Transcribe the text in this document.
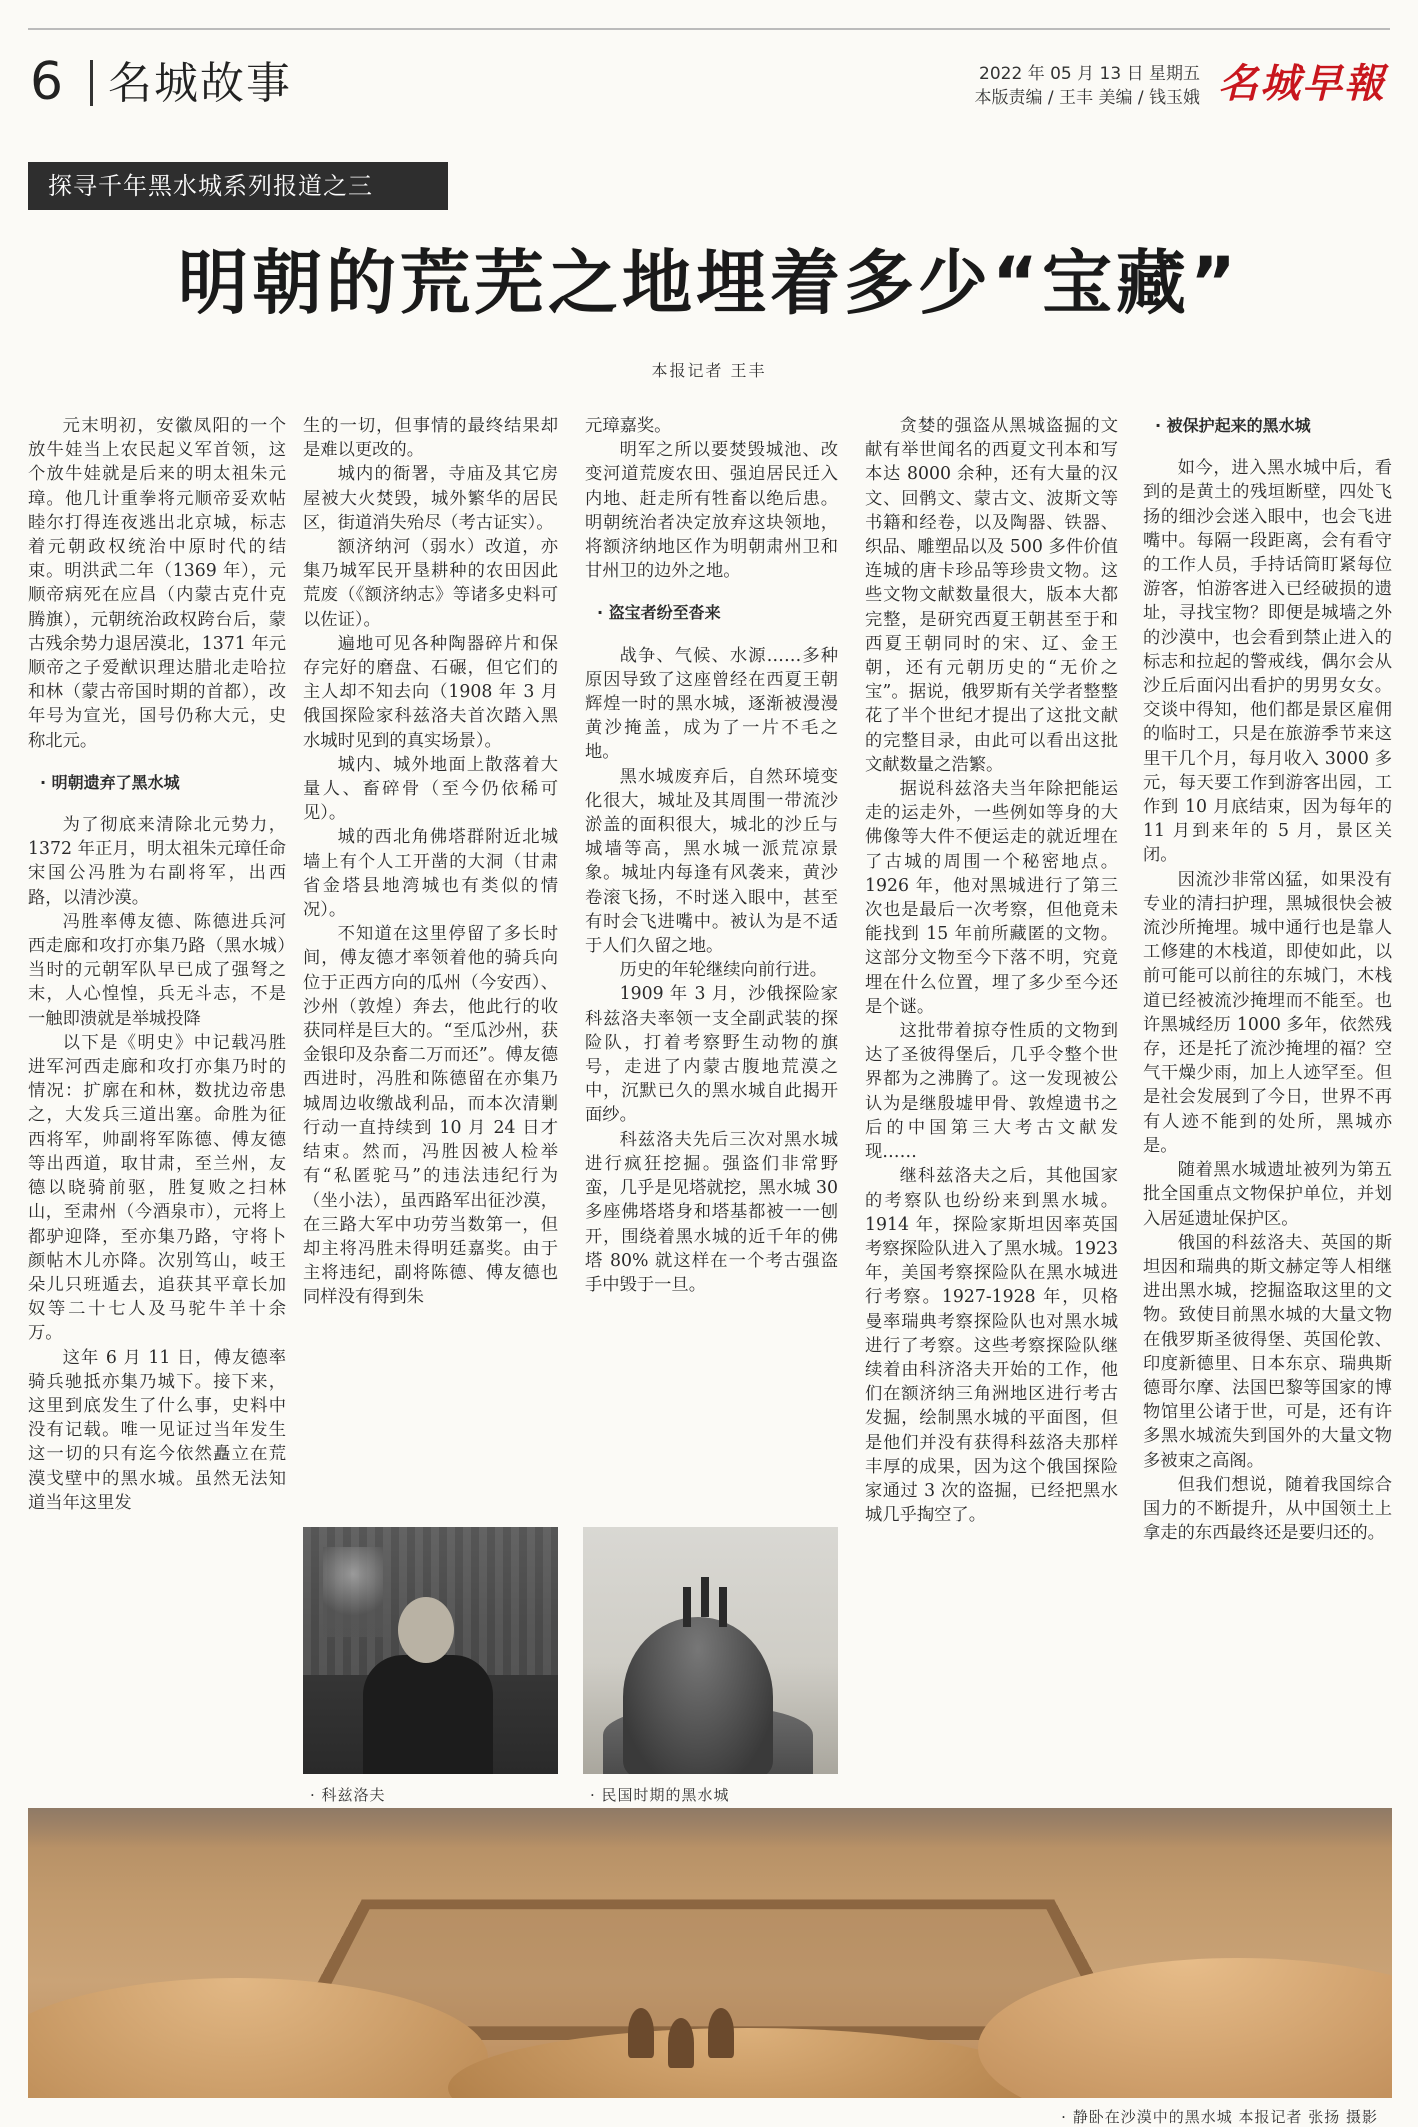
6 名城故事	2022 年 05 月 13 日 星期五
本版责编 / 王丰 美编 / 钱玉娥 名城早報
探寻千年黑水城系列报道之三
明朝的荒芜之地埋着多少“宝藏”
本报记者 王丰

元末明初，安徽凤阳的一个放牛娃当上农民起义军首领，这个放牛娃就是后来的明太祖朱元璋。他几计重拳将元顺帝妥欢帖睦尔打得连夜逃出北京城，标志着元朝政权统治中原时代的结束。明洪武二年（1369 年），元顺帝病死在应昌（内蒙古克什克腾旗），元朝统治政权跨台后，蒙古残余势力退居漠北，1371 年元顺帝之子爱猷识理达腊北走哈拉和林（蒙古帝国时期的首都），改年号为宣光，国号仍称大元，史称北元。

· 明朝遗弃了黑水城

为了彻底来清除北元势力，1372 年正月，明太祖朱元璋任命宋国公冯胜为右副将军，出西路，以清沙漠。

冯胜率傅友德、陈德进兵河西走廊和攻打亦集乃路（黑水城）当时的元朝军队早已成了强弩之末，人心惶惶，兵无斗志，不是一触即溃就是举城投降

以下是《明史》中记载冯胜进军河西走廊和攻打亦集乃时的情况：扩廓在和林，数扰边帝患之，大发兵三道出塞。命胜为征西将军，帅副将军陈德、傅友德等出西道，取甘肃，至兰州，友德以晓骑前驱，胜复败之扫林山，至肃州（今酒泉市），元将上都驴迎降，至亦集乃路，守将卜颜帖木儿亦降。次别笃山，岐王朵儿只班遁去，追获其平章长加奴等二十七人及马驼牛羊十余万。

这年 6 月 11 日，傅友德率骑兵驰抵亦集乃城下。接下来，这里到底发生了什么事，史料中没有记载。唯一见证过当年发生这一切的只有迄今依然矗立在荒漠戈壁中的黑水城。虽然无法知道当年这里发

生的一切，但事情的最终结果却是难以更改的。

城内的衙署，寺庙及其它房屋被大火焚毁，城外繁华的居民区，街道消失殆尽（考古证实）。

额济纳河（弱水）改道，亦集乃城军民开垦耕种的农田因此荒废（《额济纳志》等诸多史料可以佐证）。

遍地可见各种陶器碎片和保存完好的磨盘、石碾，但它们的主人却不知去向（1908 年 3 月俄国探险家科兹洛夫首次踏入黑水城时见到的真实场景）。

城内、城外地面上散落着大量人、畜碎骨（至今仍依稀可见）。

城的西北角佛塔群附近北城墙上有个人工开凿的大洞（甘肃省金塔县地湾城也有类似的情况）。

不知道在这里停留了多长时间，傅友德才率领着他的骑兵向位于正西方向的瓜州（今安西）、沙州（敦煌）奔去，他此行的收获同样是巨大的。“至瓜沙州，获金银印及杂畜二万而还”。傅友德西进时，冯胜和陈德留在亦集乃城周边收缴战利品，而本次清剿行动一直持续到 10 月 24 日才结束。然而，冯胜因被人检举有“私匿驼马”的违法违纪行为（坐小法），虽西路军出征沙漠，在三路大军中功劳当数第一，但却主将冯胜未得明廷嘉奖。由于主将违纪，副将陈德、傅友德也同样没有得到朱

元璋嘉奖。

明军之所以要焚毁城池、改变河道荒废农田、强迫居民迁入内地、赶走所有牲畜以绝后患。明朝统治者决定放弃这块领地，将额济纳地区作为明朝肃州卫和甘州卫的边外之地。

· 盗宝者纷至沓来

战争、气候、水源……多种原因导致了这座曾经在西夏王朝辉煌一时的黑水城，逐渐被漫漫黄沙掩盖，成为了一片不毛之地。

黑水城废弃后，自然环境变化很大，城址及其周围一带流沙淤盖的面积很大，城北的沙丘与城墙等高，黑水城一派荒凉景象。城址内每逢有风袭来，黄沙卷滚飞扬，不时迷入眼中，甚至有时会飞进嘴中。被认为是不适于人们久留之地。

历史的年轮继续向前行进。

1909 年 3 月，沙俄探险家科兹洛夫率领一支全副武装的探险队，打着考察野生动物的旗号，走进了内蒙古腹地荒漠之中，沉默已久的黑水城自此揭开面纱。

科兹洛夫先后三次对黑水城进行疯狂挖掘。强盗们非常野蛮，几乎是见塔就挖，黑水城 30 多座佛塔塔身和塔基都被一一刨开，围绕着黑水城的近千年的佛塔 80% 就这样在一个考古强盗手中毁于一旦。

贪婪的强盗从黑城盗掘的文献有举世闻名的西夏文刊本和写本达 8000 余种，还有大量的汉文、回鹘文、蒙古文、波斯文等书籍和经卷，以及陶器、铁器、织品、雕塑品以及 500 多件价值连城的唐卡珍品等珍贵文物。这些文物文献数量很大，版本大都完整，是研究西夏王朝甚至于和西夏王朝同时的宋、辽、金王朝，还有元朝历史的“无价之宝”。据说，俄罗斯有关学者整整花了半个世纪才提出了这批文献的完整目录，由此可以看出这批文献数量之浩繁。

据说科兹洛夫当年除把能运走的运走外，一些例如等身的大佛像等大件不便运走的就近埋在了古城的周围一个秘密地点。1926 年，他对黑城进行了第三次也是最后一次考察，但他竟未能找到 15 年前所藏匿的文物。这部分文物至今下落不明，究竟埋在什么位置，埋了多少至今还是个谜。

这批带着掠夺性质的文物到达了圣彼得堡后，几乎令整个世界都为之沸腾了。这一发现被公认为是继殷墟甲骨、敦煌遗书之后的中国第三大考古文献发现……

继科兹洛夫之后，其他国家的考察队也纷纷来到黑水城。1914 年，探险家斯坦因率英国考察探险队进入了黑水城。1923 年，美国考察探险队在黑水城进行考察。1927-1928 年，贝格曼率瑞典考察探险队也对黑水城进行了考察。这些考察探险队继续着由科济洛夫开始的工作，他们在额济纳三角洲地区进行考古发掘，绘制黑水城的平面图，但是他们并没有获得科兹洛夫那样丰厚的成果，因为这个俄国探险家通过 3 次的盗掘，已经把黑水城几乎掏空了。

· 被保护起来的黑水城

如今，进入黑水城中后，看到的是黄土的残垣断壁，四处飞扬的细沙会迷入眼中，也会飞进嘴中。每隔一段距离，会有看守的工作人员，手持话筒盯紧每位游客，怕游客进入已经破损的遗址，寻找宝物？即便是城墙之外的沙漠中，也会看到禁止进入的标志和拉起的警戒线，偶尔会从沙丘后面闪出看护的男男女女。交谈中得知，他们都是景区雇佣的临时工，只是在旅游季节来这里干几个月，每月收入 3000 多元，每天要工作到游客出园，工作到 10 月底结束，因为每年的 11 月到来年的 5 月，景区关闭。

因流沙非常凶猛，如果没有专业的清扫护理，黑城很快会被流沙所掩埋。城中通行也是靠人工修建的木栈道，即使如此，以前可能可以前往的东城门，木栈道已经被流沙掩埋而不能至。也许黑城经历 1000 多年，依然残存，还是托了流沙掩埋的福？空气干燥少雨，加上人迹罕至。但是社会发展到了今日，世界不再有人迹不能到的处所，黑城亦是。

随着黑水城遗址被列为第五批全国重点文物保护单位，并划入居延遗址保护区。

俄国的科兹洛夫、英国的斯坦因和瑞典的斯文赫定等人相继进出黑水城，挖掘盗取这里的文物。致使目前黑水城的大量文物在俄罗斯圣彼得堡、英国伦敦、印度新德里、日本东京、瑞典斯德哥尔摩、法国巴黎等国家的博物馆里公诸于世，可是，还有许多黑水城流失到国外的大量文物多被束之高阁。

但我们想说，随着我国综合国力的不断提升，从中国领土上拿走的东西最终还是要归还的。

· 科兹洛夫	· 民国时期的黑水城
· 静卧在沙漠中的黑水城 本报记者 张扬 摄影
